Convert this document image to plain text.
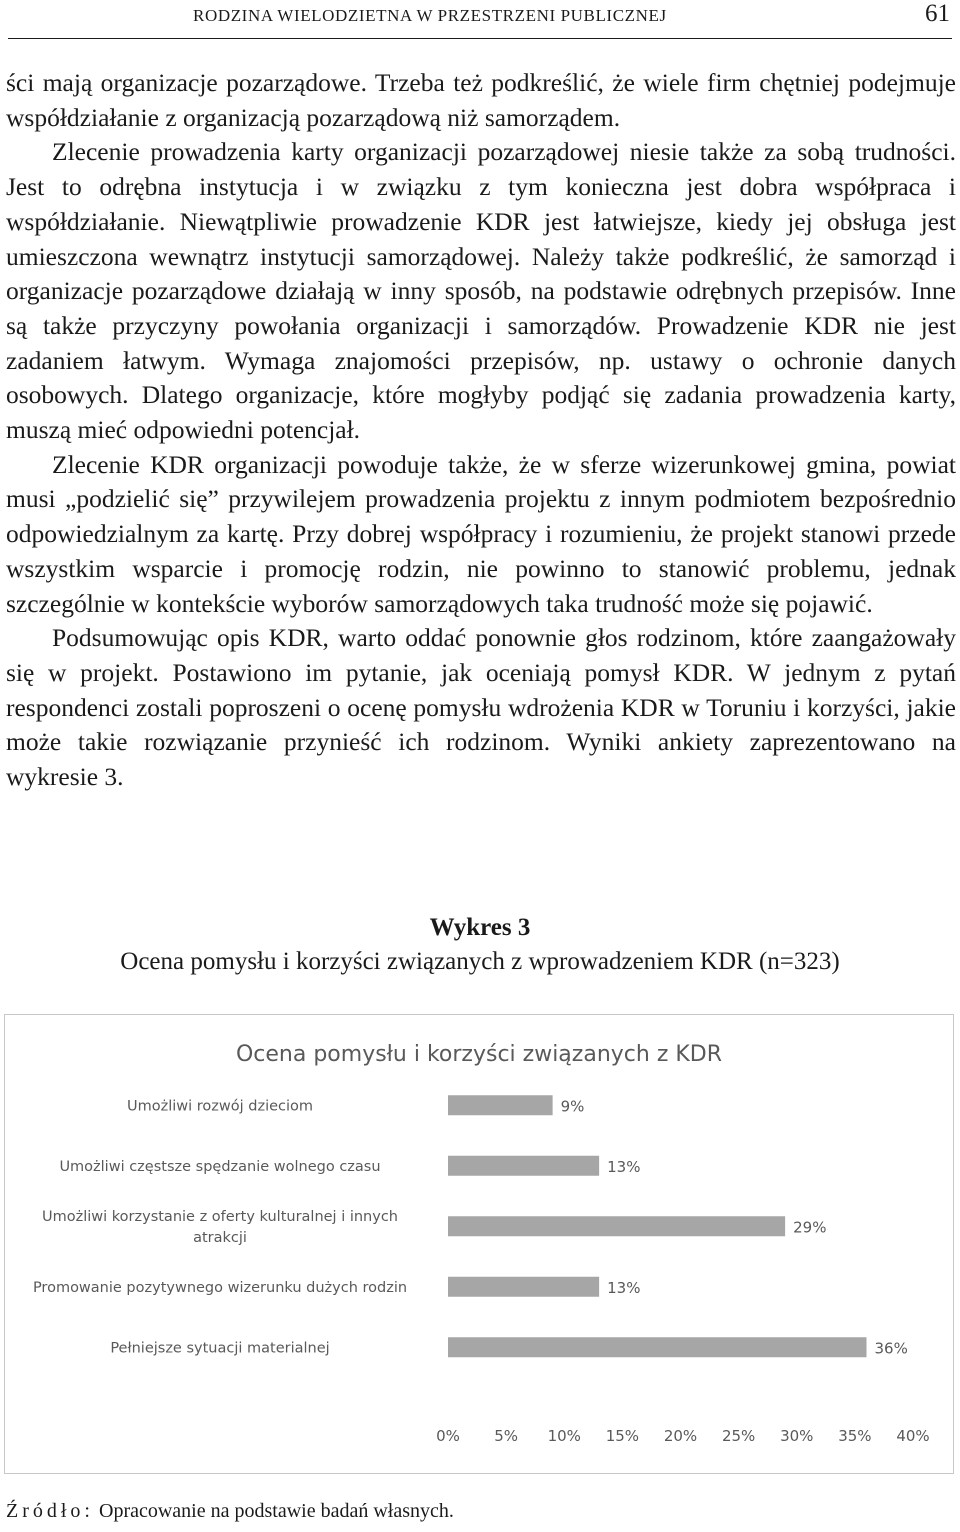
RODZINA WIELODZIETNA W PRZESTRZENI PUBLICZNEJ	61

ści mają organizacje pozarządowe. Trzeba też podkreślić, że wiele firm chętniej podejmuje współdziałanie z organizacją pozarządową niż samorządem.

Zlecenie prowadzenia karty organizacji pozarządowej niesie także za sobą trudności. Jest to odrębna instytucja i w związku z tym konieczna jest dobra współpraca i współdziałanie. Niewątpliwie prowadzenie KDR jest łatwiejsze, kiedy jej obsługa jest umieszczona wewnątrz instytucji samorządowej. Należy także podkreślić, że samorząd i organizacje pozarządowe działają w inny sposób, na podstawie odrębnych przepisów. Inne są także przyczyny powołania organizacji i samorządów. Prowadzenie KDR nie jest zadaniem łatwym. Wymaga znajomości przepisów, np. ustawy o ochronie danych osobowych. Dlatego organizacje, które mogłyby podjąć się zadania prowadzenia karty, muszą mieć odpowiedni potencjał.

Zlecenie KDR organizacji powoduje także, że w sferze wizerunkowej gmina, powiat musi „podzielić się” przywilejem prowadzenia projektu z innym podmiotem bezpośrednio odpowiedzialnym za kartę. Przy dobrej współpracy i rozumieniu, że projekt stanowi przede wszystkim wsparcie i promocję rodzin, nie powinno to stanowić problemu, jednak szczególnie w kontekście wyborów samorządowych taka trudność może się pojawić.

Podsumowując opis KDR, warto oddać ponownie głos rodzinom, które zaangażowały się w projekt. Postawiono im pytanie, jak oceniają pomysł KDR. W jednym z pytań respondenci zostali poproszeni o ocenę pomysłu wdrożenia KDR w Toruniu i korzyści, jakie może takie rozwiązanie przynieść ich rodzinom. Wyniki ankiety zaprezentowano na wykresie 3.

Wykres 3
Ocena pomysłu i korzyści związanych z wprowadzeniem KDR (n=323)
Ocena pomysłu i korzyści związanych z KDR
9%
Umożliwi rozwój dzieciom
13%
Umożliwi częstsze spędzanie wolnego czasu
29%
Umożliwi korzystanie z oferty kulturalnej i innych
atrakcji
13%
Promowanie pozytywnego wizerunku dużych rodzin
36%
Pełniejsze sytuacji materialnej
0% 5% 10% 15% 20% 25% 30% 35% 40%
Źródło: Opracowanie na podstawie badań własnych.
